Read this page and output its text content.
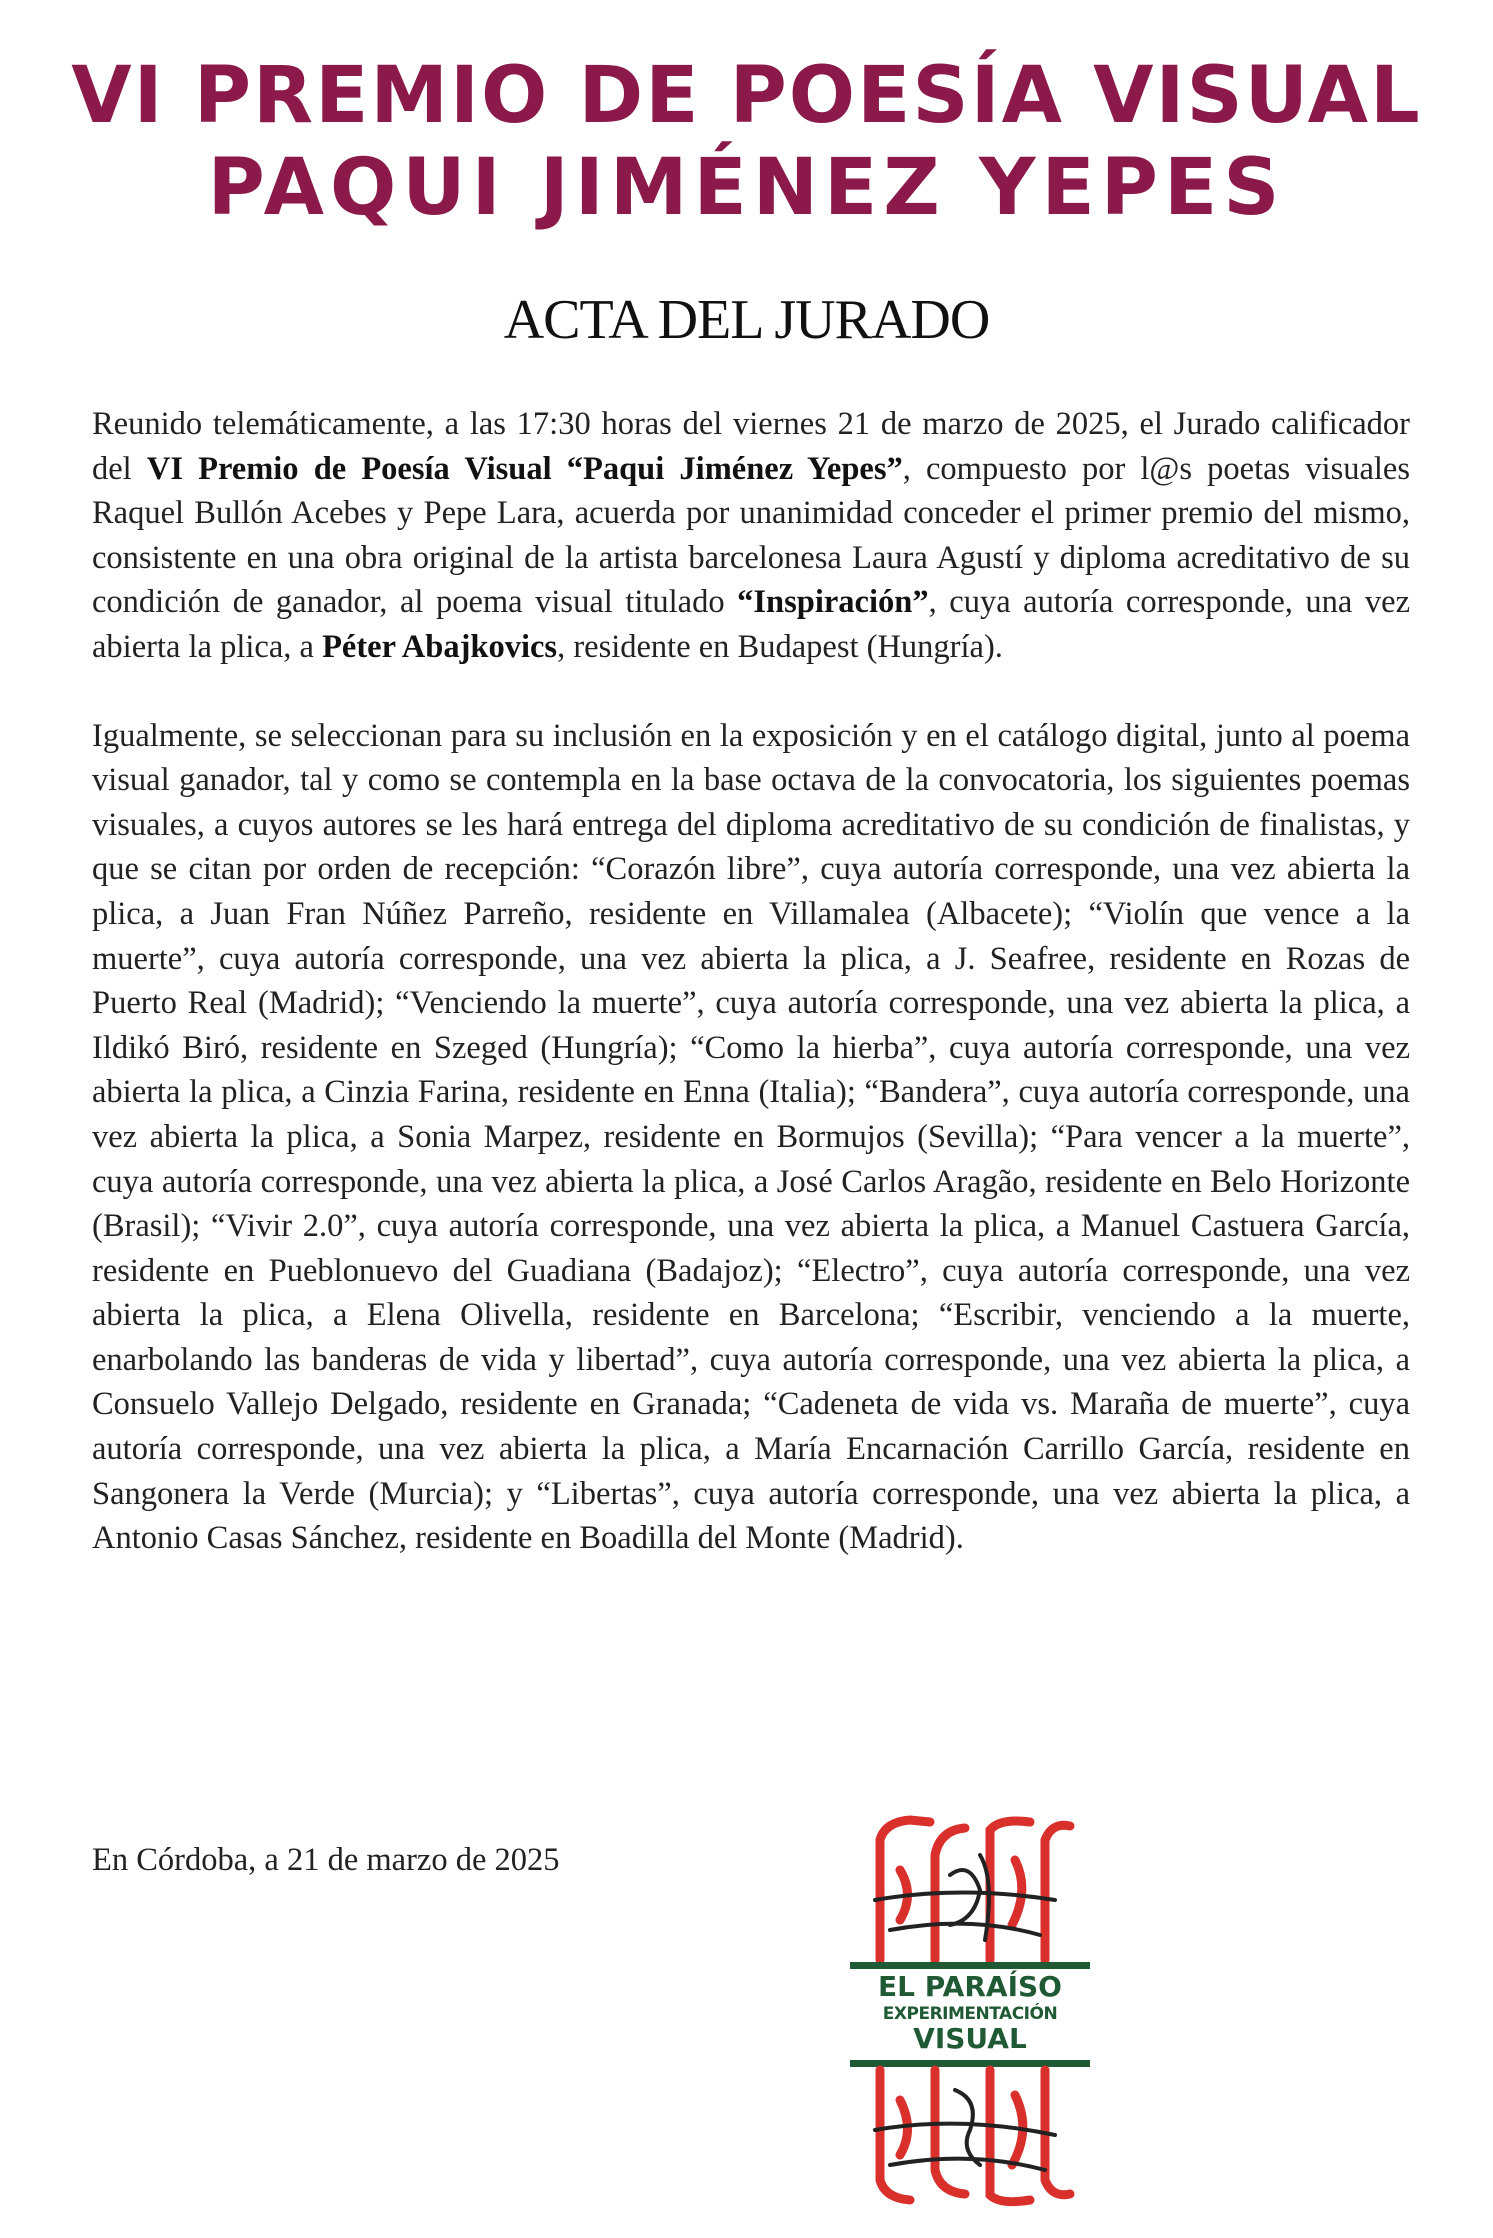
VI PREMIO DE POESÍA VISUAL
PAQUI JIMÉNEZ YEPES
ACTA DEL JURADO

Reunido telemáticamente, a las 17:30 horas del viernes 21 de marzo de 2025, el Jurado calificador del VI Premio de Poesía Visual “Paqui Jiménez Yepes”, compuesto por l@s poetas visuales Raquel Bullón Acebes y Pepe Lara, acuerda por unanimidad conceder el primer premio del mismo, consistente en una obra original de la artista barcelonesa Laura Agustí y diploma acreditativo de su condición de ganador, al poema visual titulado “Inspiración”, cuya autoría corresponde, una vez abierta la plica, a Péter Abajkovics, residente en Budapest (Hungría).

Igualmente, se seleccionan para su inclusión en la exposición y en el catálogo digital, junto al poema visual ganador, tal y como se contempla en la base octava de la convocatoria, los siguientes poemas visuales, a cuyos autores se les hará entrega del diploma acreditativo de su condición de finalistas, y que se citan por orden de recepción: “Corazón libre”, cuya autoría corresponde, una vez abierta la plica, a Juan Fran Núñez Parreño, residente en Villamalea (Albacete); “Violín que vence a la muerte”, cuya autoría corresponde, una vez abierta la plica, a J. Seafree, residente en Rozas de Puerto Real (Madrid); “Venciendo la muerte”, cuya autoría corresponde, una vez abierta la plica, a Ildikó Biró, residente en Szeged (Hungría); “Como la hierba”, cuya autoría corresponde, una vez abierta la plica, a Cinzia Farina, residente en Enna (Italia); “Bandera”, cuya autoría corresponde, una vez abierta la plica, a Sonia Marpez, residente en Bormujos (Sevilla); “Para vencer a la muerte”, cuya autoría corresponde, una vez abierta la plica, a José Carlos Aragão, residente en Belo Horizonte (Brasil); “Vivir 2.0”, cuya autoría corresponde, una vez abierta la plica, a Manuel Castuera García, residente en Pueblonuevo del Guadiana (Badajoz); “Electro”, cuya autoría corresponde, una vez abierta la plica, a Elena Olivella, residente en Barcelona; “Escribir, venciendo a la muerte, enarbolando las banderas de vida y libertad”, cuya autoría corresponde, una vez abierta la plica, a Consuelo Vallejo Delgado, residente en Granada; “Cadeneta de vida vs. Maraña de muerte”, cuya autoría corresponde, una vez abierta la plica, a María Encarnación Carrillo García, residente en Sangonera la Verde (Murcia); y “Libertas”, cuya autoría corresponde, una vez abierta la plica, a Antonio Casas Sánchez, residente en Boadilla del Monte (Madrid).

En Córdoba, a 21 de marzo de 2025
EL PARAÍSO
EXPERIMENTACIÓN
VISUAL
